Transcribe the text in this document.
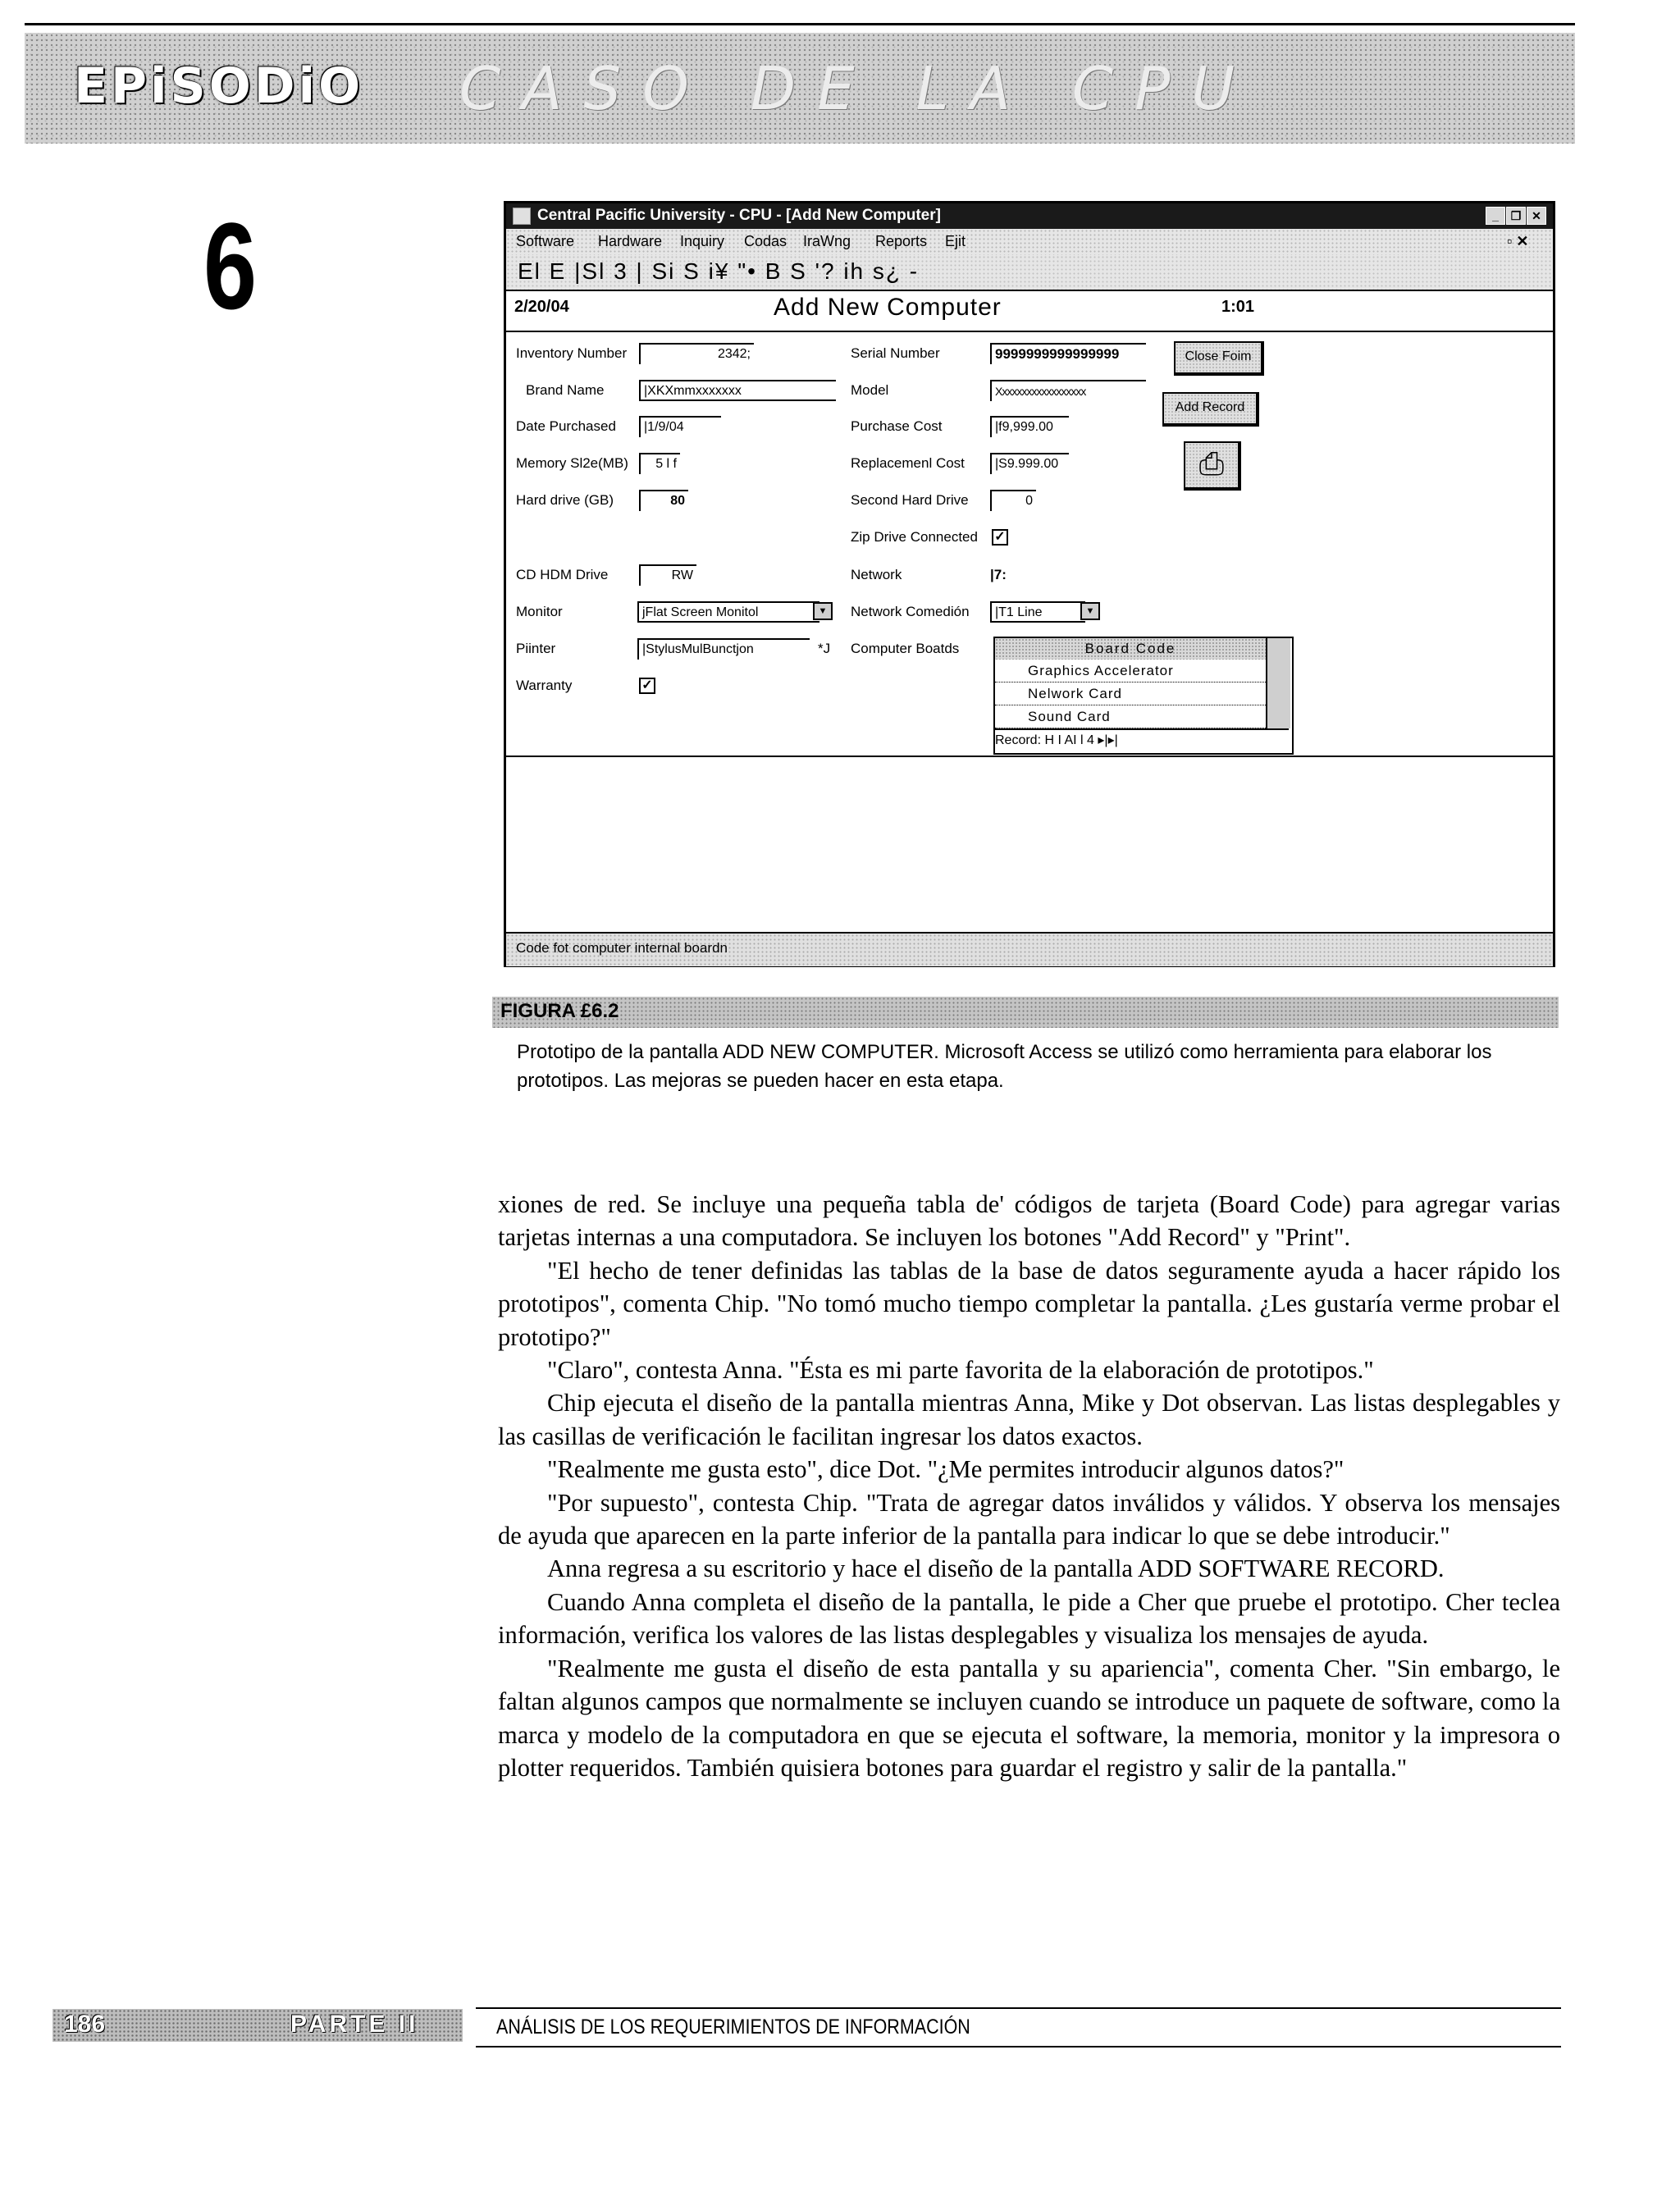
EPiSODiO CASO DE LA CPU
6	Central Pacific University - CPU - [Add New Computer]	_	❐ ✕
Software Hardware Inquiry Codas IraWng Reports Ejit	▫ ✕
El E |Sl 3 | Si S i¥ "• B S '? ih s¿ -
2/20/04	Add New Computer	1:01
Inventory Number	2342;
Brand Name	|XKXmmxxxxxxx
Date Purchased	|1/9/04
Memory Sl2e(MB)	5 l f
Hard drive (GB)	80
CD HDM Drive	RW
Monitor	jFlat Screen Monitol	▼
Piinter	|StylusMulBunctjon	*J
Warranty	✓
Serial Number	9999999999999999
Model	Xxxxxxxxxxxxxxxxxx
Purchase Cost	|f9,999.00
Replacemenl Cost	|S9.999.00
Second Hard Drive	0
Zip Drive Connected ✓
Network	|7:
Network Comedión	|T1 Line	▼
Computer Boatds	Board Code
Graphics Accelerator
Nelwork Card
Sound Card
Record: H I AI l 4 ▸|▸|
Close Foim
Add Record
⎙
Code fot computer internal boardn
FIGURA £6.2
Prototipo de la pantalla ADD NEW COMPUTER. Microsoft Access se utilizó como herramienta para elaborar los prototipos. Las mejoras se pueden hacer en esta etapa.

xiones de red. Se incluye una pequeña tabla de' códigos de tarjeta (Board Code) para agregar varias tarjetas internas a una computadora. Se incluyen los botones "Add Record" y "Print".

"El hecho de tener definidas las tablas de la base de datos seguramente ayuda a hacer rápido los prototipos", comenta Chip. "No tomó mucho tiempo completar la pantalla. ¿Les gustaría verme probar el prototipo?"

"Claro", contesta Anna. "Ésta es mi parte favorita de la elaboración de prototipos."

Chip ejecuta el diseño de la pantalla mientras Anna, Mike y Dot observan. Las listas desplegables y las casillas de verificación le facilitan ingresar los datos exactos.

"Realmente me gusta esto", dice Dot. "¿Me permites introducir algunos datos?"

"Por supuesto", contesta Chip. "Trata de agregar datos inválidos y válidos. Y observa los mensajes de ayuda que aparecen en la parte inferior de la pantalla para indicar lo que se debe introducir."

Anna regresa a su escritorio y hace el diseño de la pantalla ADD SOFTWARE RECORD.

Cuando Anna completa el diseño de la pantalla, le pide a Cher que pruebe el prototipo. Cher teclea información, verifica los valores de las listas desplegables y visualiza los mensajes de ayuda.

"Realmente me gusta el diseño de esta pantalla y su apariencia", comenta Cher. "Sin embargo, le faltan algunos campos que normalmente se incluyen cuando se introduce un paquete de software, como la marca y modelo de la computadora en que se ejecuta el software, la memoria, monitor y la impresora o plotter requeridos. También quisiera botones para guardar el registro y salir de la pantalla."

186	PARTE II	ANÁLISIS DE LOS REQUERIMIENTOS DE INFORMACIÓN
